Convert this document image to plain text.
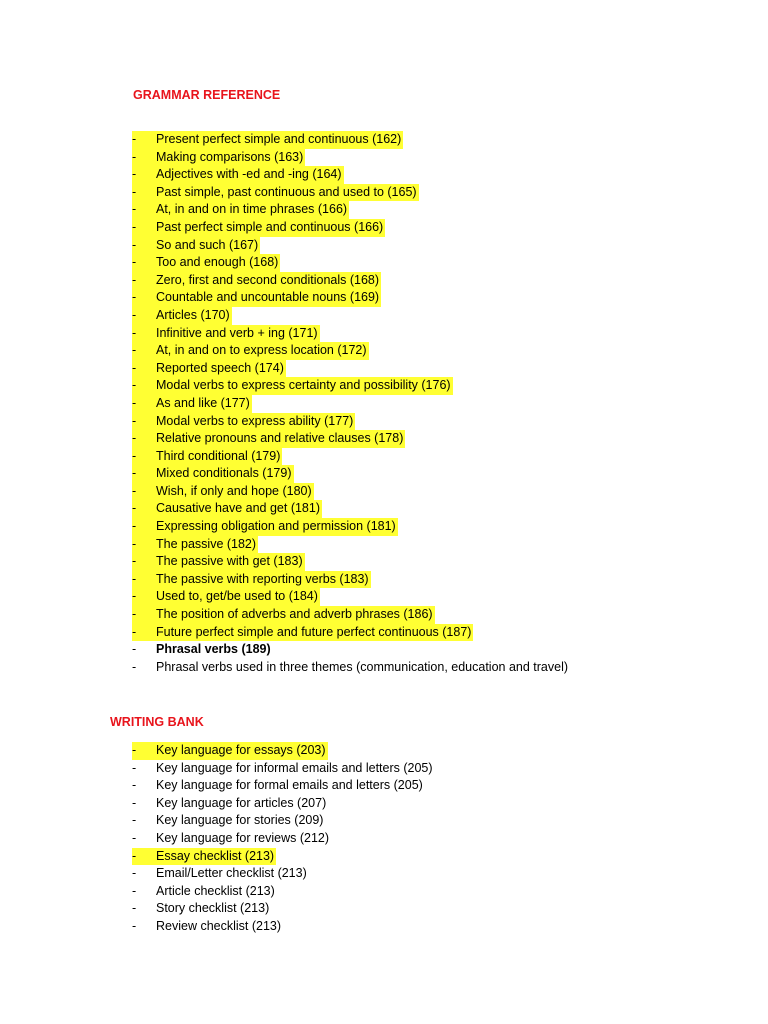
GRAMMAR REFERENCE
- Present perfect simple and continuous (162)
- Making comparisons (163)
- Adjectives with -ed and -ing (164)
- Past simple, past continuous and used to (165)
- At, in and on in time phrases (166)
- Past perfect simple and continuous (166)
- So and such (167)
- Too and enough (168)
- Zero, first and second conditionals (168)
- Countable and uncountable nouns (169)
- Articles (170)
- Infinitive and verb + ing (171)
- At, in and on to express location (172)
- Reported speech (174)
- Modal verbs to express certainty and possibility (176)
- As and like (177)
- Modal verbs to express ability (177)
- Relative pronouns and relative clauses (178)
- Third conditional (179)
- Mixed conditionals (179)
- Wish, if only and hope (180)
- Causative have and get (181)
- Expressing obligation and permission (181)
- The passive (182)
- The passive with get (183)
- The passive with reporting verbs (183)
- Used to, get/be used to (184)
- The position of adverbs and adverb phrases (186)
- Future perfect simple and future perfect continuous (187)
- Phrasal verbs (189)
- Phrasal verbs used in three themes (communication, education and travel)
WRITING BANK
- Key language for essays (203)
- Key language for informal emails and letters (205)
- Key language for formal emails and letters (205)
- Key language for articles (207)
- Key language for stories (209)
- Key language for reviews (212)
- Essay checklist (213)
- Email/Letter checklist (213)
- Article checklist (213)
- Story checklist (213)
- Review checklist (213)
